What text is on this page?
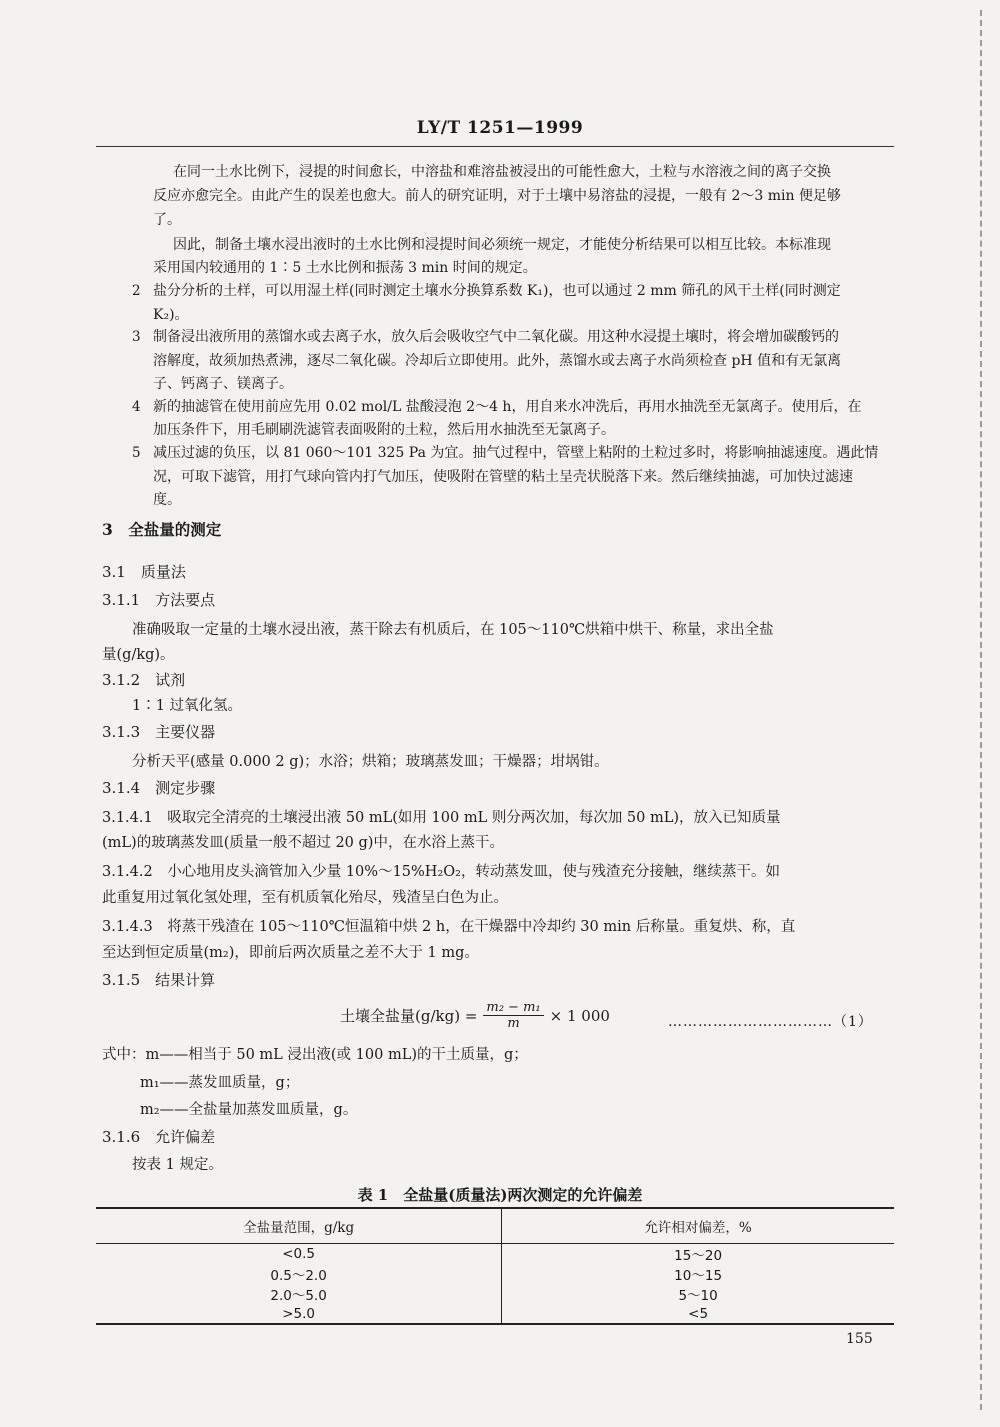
LY/T 1251—1999
在同一土水比例下，浸提的时间愈长，中溶盐和难溶盐被浸出的可能性愈大，土粒与水溶液之间的离子交换
反应亦愈完全。由此产生的误差也愈大。前人的研究证明，对于土壤中易溶盐的浸提，一般有 2～3 min 便足够
了。
因此，制备土壤水浸出液时的土水比例和浸提时间必须统一规定，才能使分析结果可以相互比较。本标准现
采用国内较通用的 1∶5 土水比例和振荡 3 min 时间的规定。
2 盐分分析的土样，可以用湿土样(同时测定土壤水分换算系数 K₁)，也可以通过 2 mm 筛孔的风干土样(同时测定
K₂)。
3 制备浸出液所用的蒸馏水或去离子水，放久后会吸收空气中二氧化碳。用这种水浸提土壤时，将会增加碳酸钙的
溶解度，故须加热煮沸，逐尽二氧化碳。冷却后立即使用。此外，蒸馏水或去离子水尚须检查 pH 值和有无氯离
子、钙离子、镁离子。
4 新的抽滤管在使用前应先用 0.02 mol/L 盐酸浸泡 2～4 h，用自来水冲洗后，再用水抽洗至无氯离子。使用后，在
加压条件下，用毛刷刷洗滤管表面吸附的土粒，然后用水抽洗至无氯离子。
5 减压过滤的负压，以 81 060～101 325 Pa 为宜。抽气过程中，管壁上粘附的土粒过多时，将影响抽滤速度。遇此情
况，可取下滤管，用打气球向管内打气加压，使吸附在管壁的粘土呈壳状脱落下来。然后继续抽滤，可加快过滤速
度。
3　全盐量的测定
3.1　质量法
3.1.1　方法要点
准确吸取一定量的土壤水浸出液，蒸干除去有机质后，在 105～110℃烘箱中烘干、称量，求出全盐
量(g/kg)。
3.1.2　试剂
1∶1 过氧化氢。
3.1.3　主要仪器
分析天平(感量 0.000 2 g)；水浴；烘箱；玻璃蒸发皿；干燥器；坩埚钳。
3.1.4　测定步骤
3.1.4.1　吸取完全清亮的土壤浸出液 50 mL(如用 100 mL 则分两次加，每次加 50 mL)，放入已知质量
(mL)的玻璃蒸发皿(质量一般不超过 20 g)中，在水浴上蒸干。
3.1.4.2　小心地用皮头滴管加入少量 10%～15%H₂O₂，转动蒸发皿，使与残渣充分接触，继续蒸干。如
此重复用过氧化氢处理，至有机质氧化殆尽，残渣呈白色为止。
3.1.4.3　将蒸干残渣在 105～110℃恒温箱中烘 2 h，在干燥器中冷却约 30 min 后称量。重复烘、称，直
至达到恒定质量(m₂)，即前后两次质量之差不大于 1 mg。
3.1.5　结果计算
土壤全盐量$(g/kg) = \frac{\text{m₂ − m₁}}{m} \times 1$ 000	……………………………（1）
式中：m——相当于 50 mL 浸出液(或 100 mL)的干土质量，g；
m₁——蒸发皿质量，g；
m₂——全盐量加蒸发皿质量，g。
3.1.6　允许偏差
按表 1 规定。
表 1　全盐量(质量法)两次测定的允许偏差
全盐量范围，g/kg	允许相对偏差，%
<0.5	15～20
0.5～2.0	10～15
2.0～5.0	5～10
>5.0	<5
155
